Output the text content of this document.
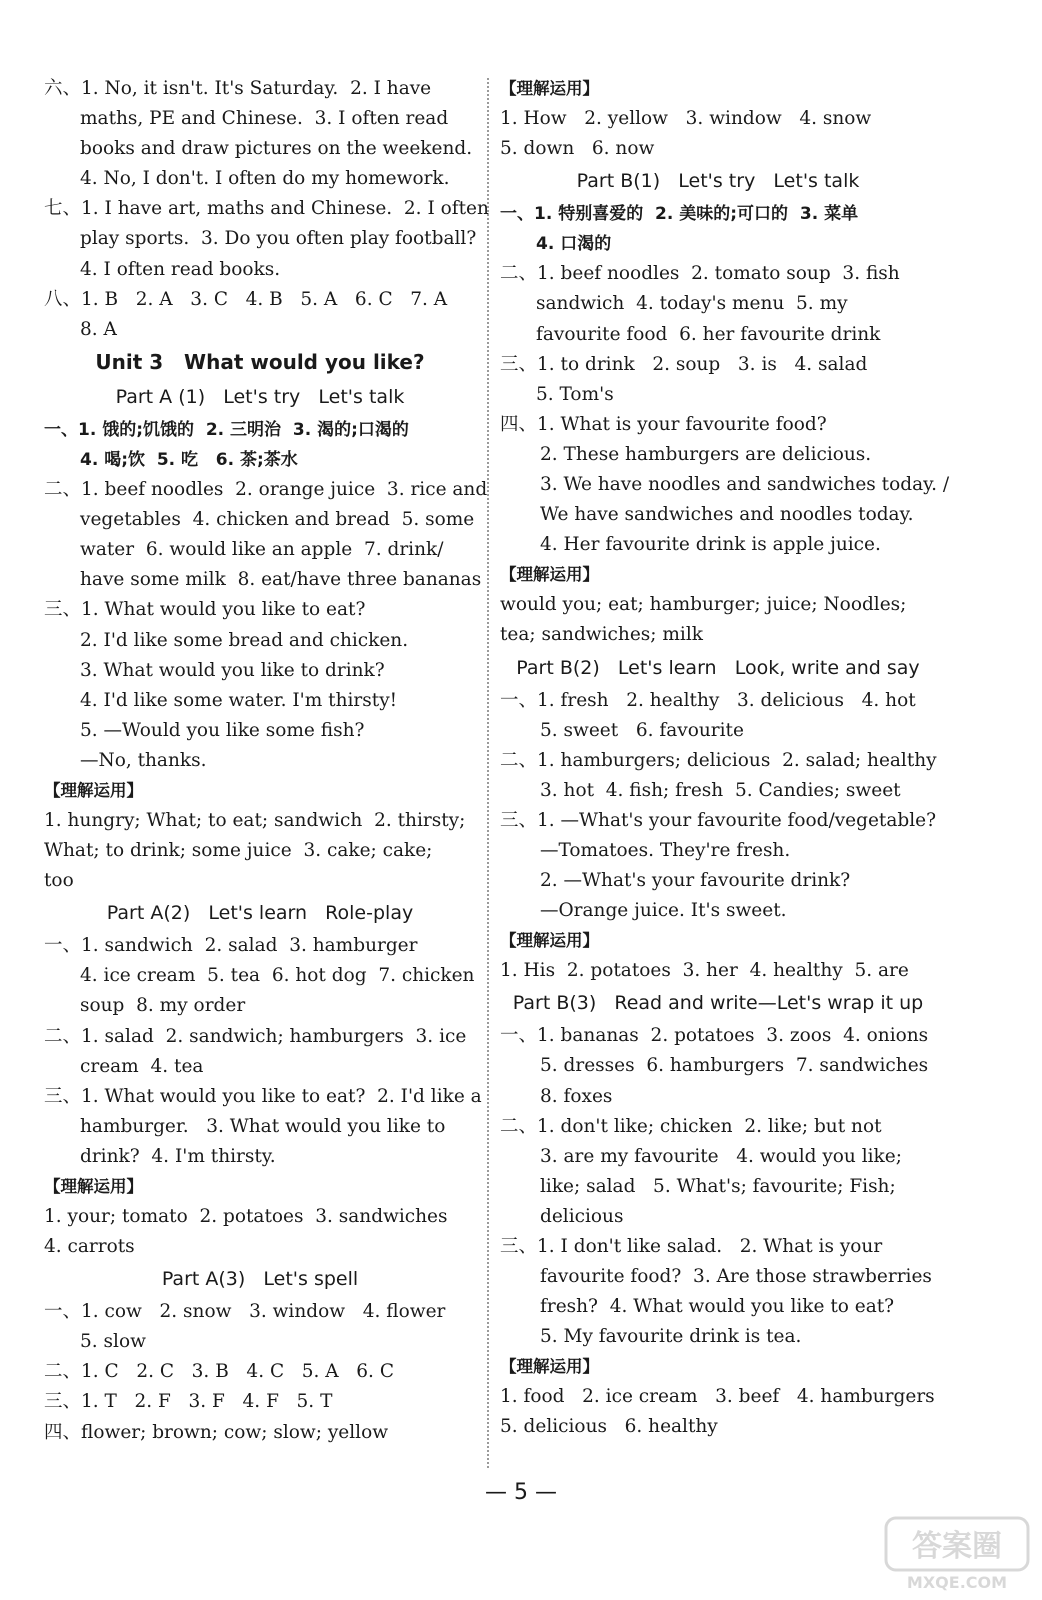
六、1. No, it isn't. It's Saturday.  2. I have
maths, PE and Chinese.  3. I often read
books and draw pictures on the weekend.
4. No, I don't. I often do my homework.
七、1. I have art, maths and Chinese.  2. I often
play sports.  3. Do you often play football?
4. I often read books.
八、1. B   2. A   3. C   4. B   5. A   6. C   7. A
8. A
Unit 3   What would you like?
Part A (1)   Let's try   Let's talk
一、1. 饿的;饥饿的  2. 三明治  3. 渴的;口渴的
4. 喝;饮  5. 吃   6. 茶;茶水
二、1. beef noodles  2. orange juice  3. rice and
vegetables  4. chicken and bread  5. some
water  6. would like an apple  7. drink/
have some milk  8. eat/have three bananas
三、1. What would you like to eat?
2. I'd like some bread and chicken.
3. What would you like to drink?
4. I'd like some water. I'm thirsty!
5. —Would you like some fish?
—No, thanks.
【理解运用】
1. hungry; What; to eat; sandwich  2. thirsty;
What; to drink; some juice  3. cake; cake;
too
Part A(2)   Let's learn   Role-play
一、1. sandwich  2. salad  3. hamburger
4. ice cream  5. tea  6. hot dog  7. chicken
soup  8. my order
二、1. salad  2. sandwich; hamburgers  3. ice
cream  4. tea
三、1. What would you like to eat?  2. I'd like a
hamburger.   3. What would you like to
drink?  4. I'm thirsty.
【理解运用】
1. your; tomato  2. potatoes  3. sandwiches
4. carrots
Part A(3)   Let's spell
一、1. cow   2. snow   3. window   4. flower
5. slow
二、1. C   2. C   3. B   4. C   5. A   6. C
三、1. T   2. F   3. F   4. F   5. T
四、flower; brown; cow; slow; yellow
【理解运用】
1. How   2. yellow   3. window   4. snow
5. down   6. now
Part B(1)   Let's try   Let's talk
一、1. 特别喜爱的  2. 美味的;可口的  3. 菜单
4. 口渴的
二、1. beef noodles  2. tomato soup  3. fish
sandwich  4. today's menu  5. my
favourite food  6. her favourite drink
三、1. to drink   2. soup   3. is   4. salad
5. Tom's
四、1. What is your favourite food?
2. These hamburgers are delicious.
3. We have noodles and sandwiches today. /
We have sandwiches and noodles today.
4. Her favourite drink is apple juice.
【理解运用】
would you; eat; hamburger; juice; Noodles;
tea; sandwiches; milk
Part B(2)   Let's learn   Look, write and say
一、1. fresh   2. healthy   3. delicious   4. hot
5. sweet   6. favourite
二、1. hamburgers; delicious  2. salad; healthy
3. hot  4. fish; fresh  5. Candies; sweet
三、1. —What's your favourite food/vegetable?
—Tomatoes. They're fresh.
2. —What's your favourite drink?
—Orange juice. It's sweet.
【理解运用】
1. His  2. potatoes  3. her  4. healthy  5. are
Part B(3)   Read and write—Let's wrap it up
一、1. bananas  2. potatoes  3. zoos  4. onions
5. dresses  6. hamburgers  7. sandwiches
8. foxes
二、1. don't like; chicken  2. like; but not
3. are my favourite   4. would you like;
like; salad   5. What's; favourite; Fish;
delicious
三、1. I don't like salad.   2. What is your
favourite food?  3. Are those strawberries
fresh?  4. What would you like to eat?
5. My favourite drink is tea.
【理解运用】
1. food   2. ice cream   3. beef   4. hamburgers
5. delicious   6. healthy
— 5 —
答案圈
MXQE.COM
